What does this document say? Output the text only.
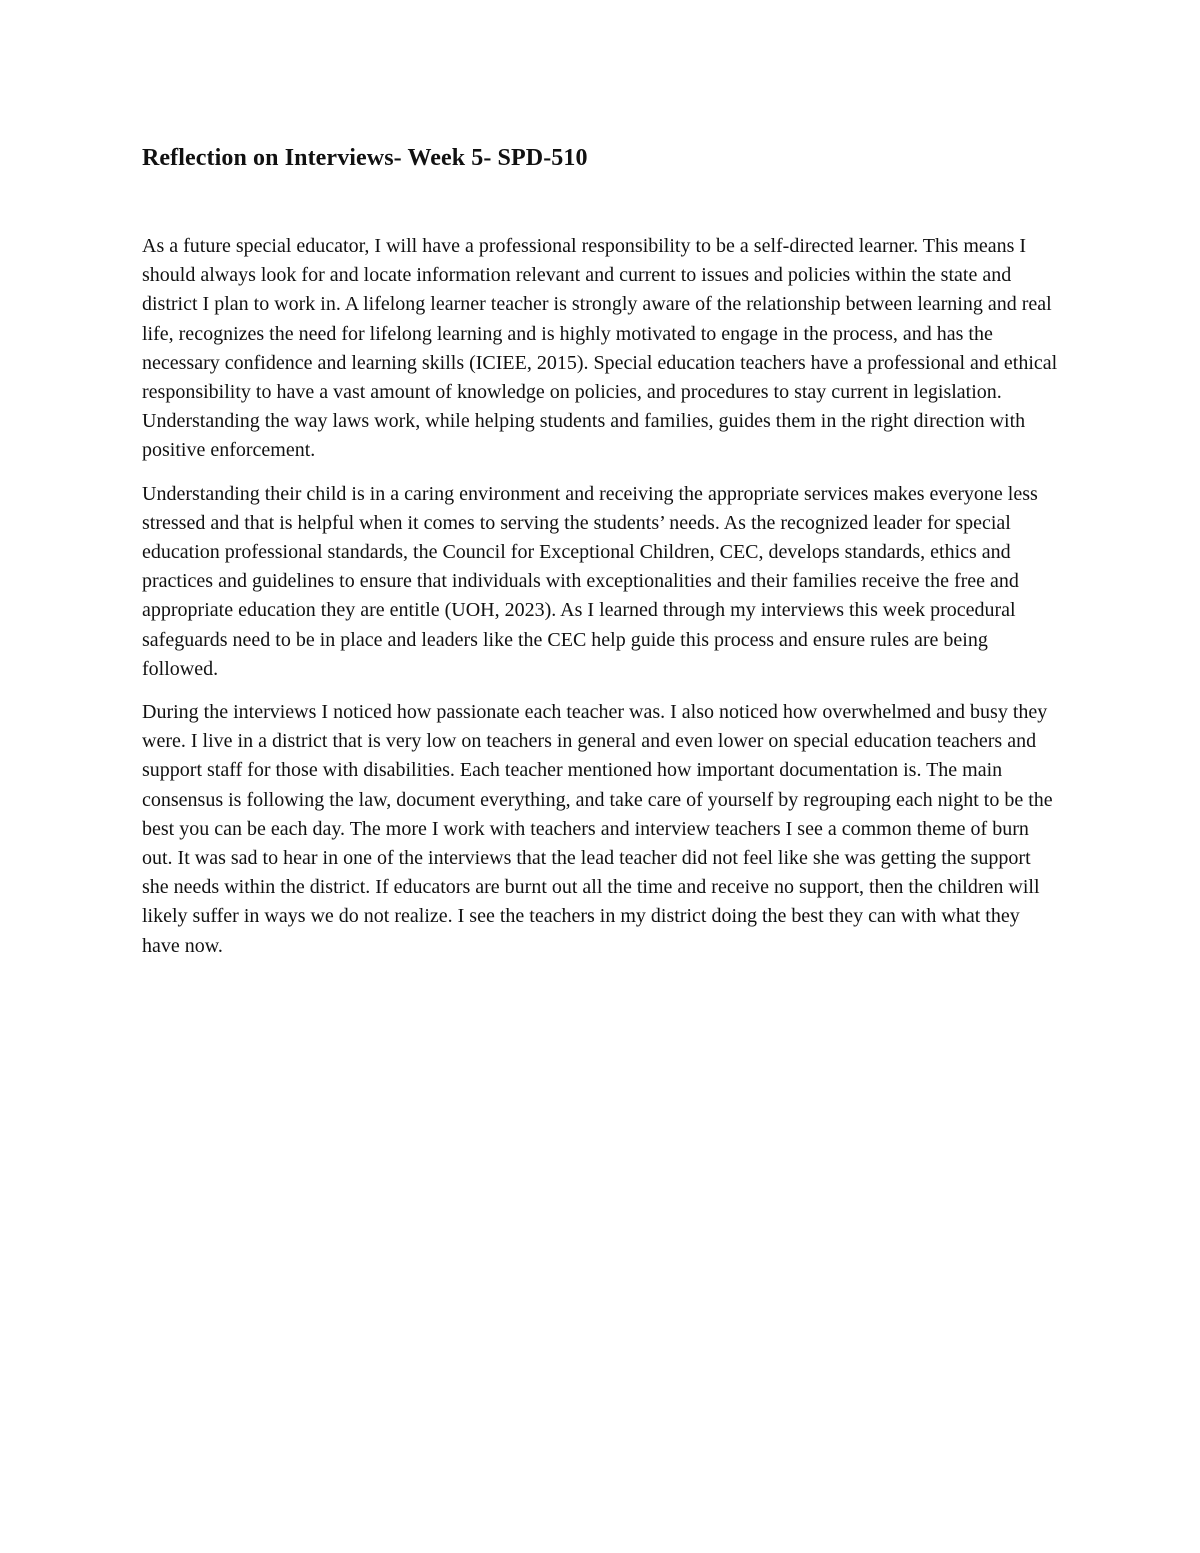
Reflection on Interviews- Week 5- SPD-510

As a future special educator, I will have a professional responsibility to be a self-directed learner. This means I should always look for and locate information relevant and current to issues and policies within the state and district I plan to work in. A lifelong learner teacher is strongly aware of the relationship between learning and real life, recognizes the need for lifelong learning and is highly motivated to engage in the process, and has the necessary confidence and learning skills (ICIEE, 2015). Special education teachers have a professional and ethical responsibility to have a vast amount of knowledge on policies, and procedures to stay current in legislation. Understanding the way laws work, while helping students and families, guides them in the right direction with positive enforcement.

Understanding their child is in a caring environment and receiving the appropriate services makes everyone less stressed and that is helpful when it comes to serving the students’ needs. As the recognized leader for special education professional standards, the Council for Exceptional Children, CEC, develops standards, ethics and practices and guidelines to ensure that individuals with exceptionalities and their families receive the free and appropriate education they are entitle (UOH, 2023). As I learned through my interviews this week procedural safeguards need to be in place and leaders like the CEC help guide this process and ensure rules are being followed.

During the interviews I noticed how passionate each teacher was. I also noticed how overwhelmed and busy they were. I live in a district that is very low on teachers in general and even lower on special education teachers and support staff for those with disabilities. Each teacher mentioned how important documentation is. The main consensus is following the law, document everything, and take care of yourself by regrouping each night to be the best you can be each day. The more I work with teachers and interview teachers I see a common theme of burn out. It was sad to hear in one of the interviews that the lead teacher did not feel like she was getting the support she needs within the district. If educators are burnt out all the time and receive no support, then the children will likely suffer in ways we do not realize. I see the teachers in my district doing the best they can with what they have now.
